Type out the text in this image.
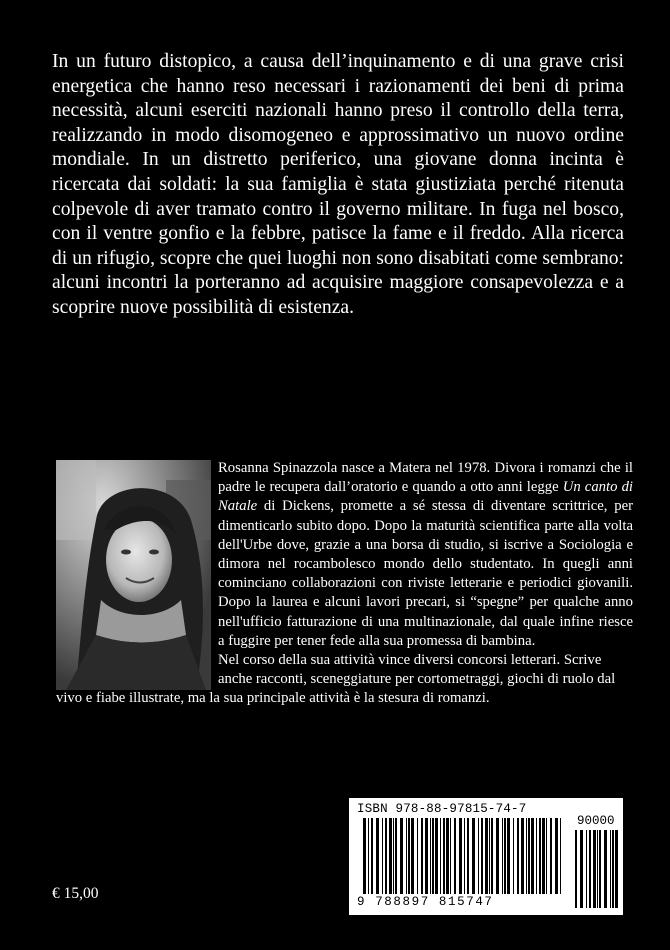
In un futuro distopico, a causa dell’inquinamento e di una grave crisi energetica che hanno reso necessari i razionamenti dei beni di prima necessità, alcuni eserciti nazionali hanno preso il controllo della terra, realizzando in modo disomogeneo e approssimativo un nuovo ordine mondiale. In un distretto periferico, una giovane donna incinta è ricercata dai soldati: la sua famiglia è stata giustiziata perché ritenuta colpevole di aver tramato contro il governo militare. In fuga nel bosco, con il ventre gonfio e la febbre, patisce la fame e il freddo. Alla ricerca di un rifugio, scopre che quei luoghi non sono disabitati come sembrano: alcuni incontri la porteranno ad acquisire maggiore consapevolezza e a scoprire nuove possibilità di esistenza.

Rosanna Spinazzola nasce a Matera nel 1978. Divora i romanzi che il padre le recupera dall’oratorio e quando a otto anni legge Un canto di Natale di Dickens, promette a sé stessa di diventare scrittrice, per dimenticarlo subito dopo. Dopo la maturità scientifica parte alla volta dell'Urbe dove, grazie a una borsa di studio, si iscrive a Sociologia e dimora nel rocambolesco mondo dello studentato. In quegli anni cominciano collaborazioni con riviste letterarie e periodici giovanili. Dopo la laurea e alcuni lavori precari, si “spegne” per qualche anno nell'ufficio fatturazione di una multinazionale, dal quale infine riesce a fuggire per tener fede alla sua promessa di bambina.

Nel corso della sua attività vince diversi concorsi letterari. Scrive anche racconti, sceneggiature per cortometraggi, giochi di ruolo dal vivo e fiabe illustrate, ma la sua principale attività è la stesura di romanzi.

ISBN 978-88-97815-74-7
90000
9 788897 815747
€ 15,00
